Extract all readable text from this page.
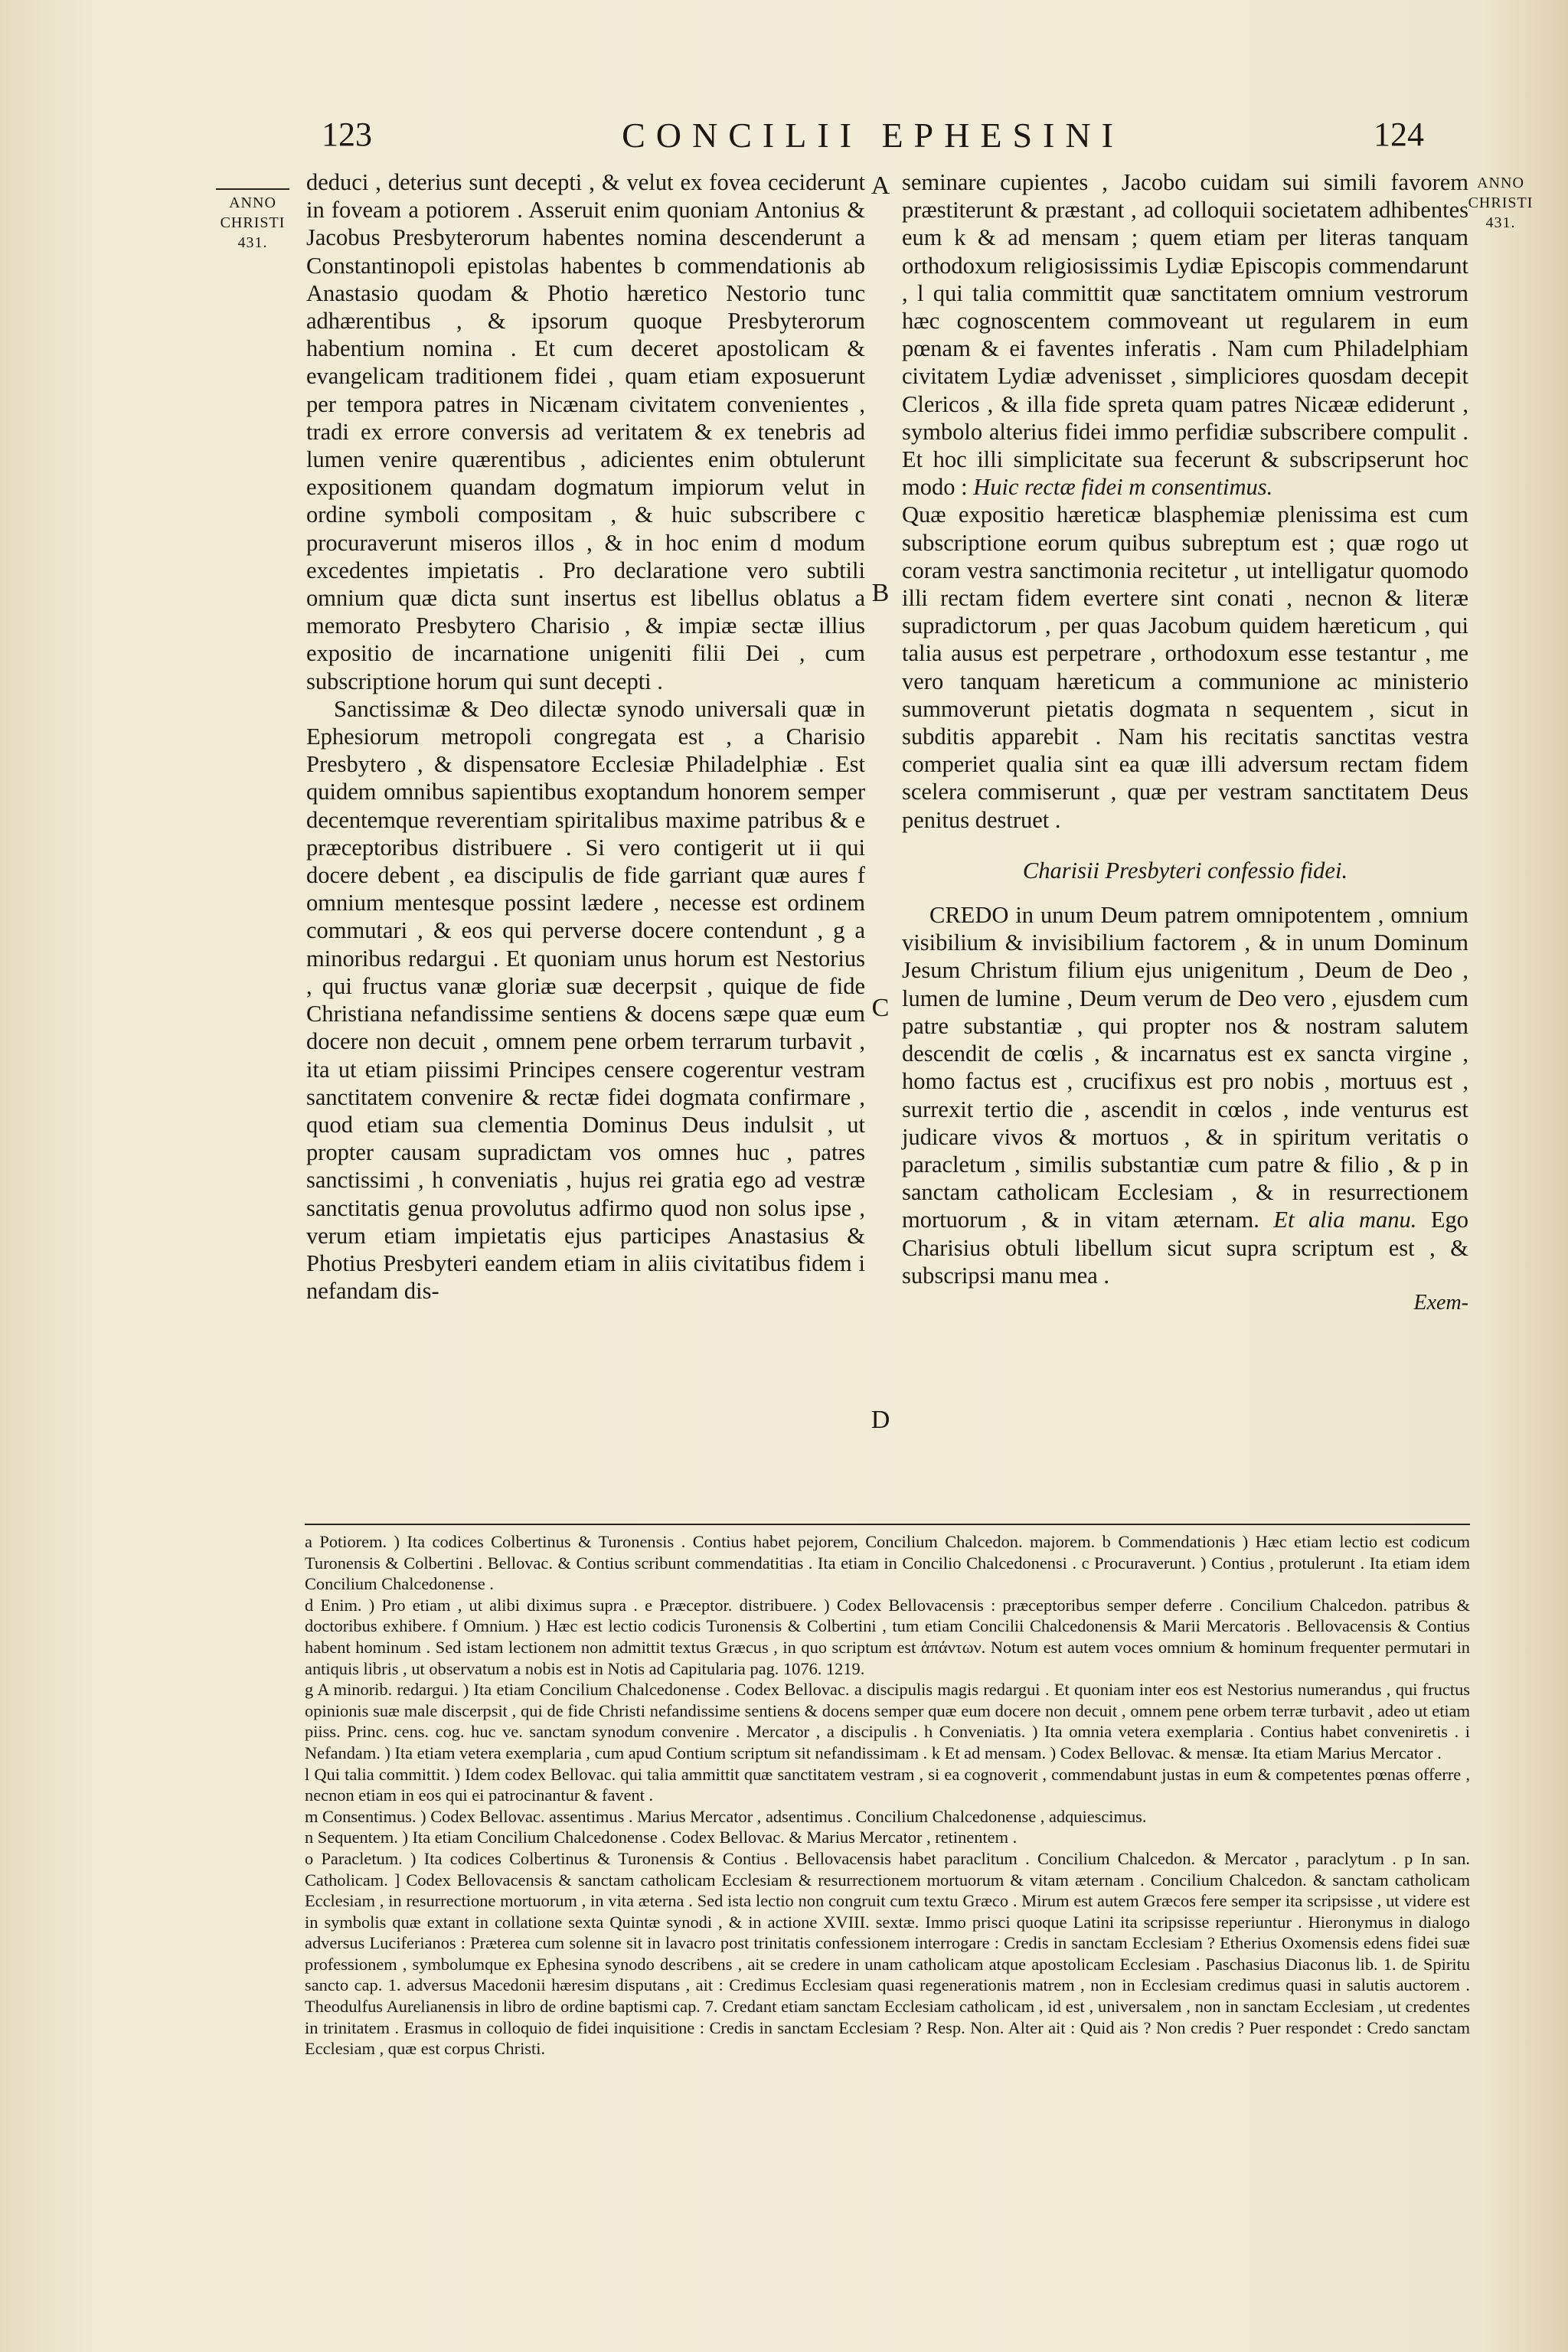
123	CONCILII EPHESINI	124
ANNO
CHRISTI
431.
ANNO
CHRISTI
431.
A
B
C
D

deduci , deterius sunt decepti , & velut ex fovea ceciderunt in foveam a potiorem . Asseruit enim quoniam Antonius & Jacobus Presbyterorum habentes nomina descenderunt a Constantinopoli epistolas habentes b commendationis ab Anastasio quodam & Photio hæretico Nestorio tunc adhærentibus , & ipsorum quoque Presbyterorum habentium nomina . Et cum deceret apostolicam & evangelicam traditionem fidei , quam etiam exposuerunt per tempora patres in Nicænam civitatem convenientes , tradi ex errore conversis ad veritatem & ex tenebris ad lumen venire quærentibus , adicientes enim obtulerunt expositionem quandam dogmatum impiorum velut in ordine symboli compositam , & huic subscribere c procuraverunt miseros illos , & in hoc enim d modum excedentes impietatis . Pro declaratione vero subtili omnium quæ dicta sunt insertus est libellus oblatus a memorato Presbytero Charisio , & impiæ sectæ illius expositio de incarnatione unigeniti filii Dei , cum subscriptione horum qui sunt decepti .

Sanctissimæ & Deo dilectæ synodo universali quæ in Ephesiorum metropoli congregata est , a Charisio Presbytero , & dispensatore Ecclesiæ Philadelphiæ . Est quidem omnibus sapientibus exoptandum honorem semper decentemque reverentiam spiritalibus maxime patribus & e præceptoribus distribuere . Si vero contigerit ut ii qui docere debent , ea discipulis de fide garriant quæ aures f omnium mentesque possint lædere , necesse est ordinem commutari , & eos qui perverse docere contendunt , g a minoribus redargui . Et quoniam unus horum est Nestorius , qui fructus vanæ gloriæ suæ decerpsit , quique de fide Christiana nefandissime sentiens & docens sæpe quæ eum docere non decuit , omnem pene orbem terrarum turbavit , ita ut etiam piissimi Principes censere cogerentur vestram sanctitatem convenire & rectæ fidei dogmata confirmare , quod etiam sua clementia Dominus Deus indulsit , ut propter causam supradictam vos omnes huc , patres sanctissimi , h conveniatis , hujus rei gratia ego ad vestræ sanctitatis genua provolutus adfirmo quod non solus ipse , verum etiam impietatis ejus participes Anastasius & Photius Presbyteri eandem etiam in aliis civitatibus fidem i nefandam dis-

seminare cupientes , Jacobo cuidam sui simili favorem præstiterunt & præstant , ad colloquii societatem adhibentes eum k & ad mensam ; quem etiam per literas tanquam orthodoxum religiosissimis Lydiæ Episcopis commendarunt , l qui talia committit quæ sanctitatem omnium vestrorum hæc cognoscentem commoveant ut regularem in eum pœnam & ei faventes inferatis . Nam cum Philadelphiam civitatem Lydiæ advenisset , simpliciores quosdam decepit Clericos , & illa fide spreta quam patres Nicææ ediderunt , symbolo alterius fidei immo perfidiæ subscribere compulit . Et hoc illi simplicitate sua fecerunt & subscripserunt hoc modo : Huic rectæ fidei m consentimus.

Quæ expositio hæreticæ blasphemiæ plenissima est cum subscriptione eorum quibus subreptum est ; quæ rogo ut coram vestra sanctimonia recitetur , ut intelligatur quomodo illi rectam fidem evertere sint conati , necnon & literæ supradictorum , per quas Jacobum quidem hæreticum , qui talia ausus est perpetrare , orthodoxum esse testantur , me vero tanquam hæreticum a communione ac ministerio summoverunt pietatis dogmata n sequentem , sicut in subditis apparebit . Nam his recitatis sanctitas vestra comperiet qualia sint ea quæ illi adversum rectam fidem scelera commiserunt , quæ per vestram sanctitatem Deus penitus destruet .

Charisii Presbyteri confessio fidei.

CREDO in unum Deum patrem omnipotentem , omnium visibilium & invisibilium factorem , & in unum Dominum Jesum Christum filium ejus unigenitum , Deum de Deo , lumen de lumine , Deum verum de Deo vero , ejusdem cum patre substantiæ , qui propter nos & nostram salutem descendit de cœlis , & incarnatus est ex sancta virgine , homo factus est , crucifixus est pro nobis , mortuus est , surrexit tertio die , ascendit in cœlos , inde venturus est judicare vivos & mortuos , & in spiritum veritatis o paracletum , similis substantiæ cum patre & filio , & p in sanctam catholicam Ecclesiam , & in resurrectionem mortuorum , & in vitam æternam. Et alia manu. Ego Charisius obtuli libellum sicut supra scriptum est , & subscripsi manu mea .

Exem-

a Potiorem. ) Ita codices Colbertinus & Turonensis . Contius habet pejorem, Concilium Chalcedon. majorem. b Commendationis ) Hæc etiam lectio est codicum Turonensis & Colbertini . Bellovac. & Contius scribunt commendatitias . Ita etiam in Concilio Chalcedonensi . c Procuraverunt. ) Contius , protulerunt . Ita etiam idem Concilium Chalcedonense .

d Enim. ) Pro etiam , ut alibi diximus supra . e Præceptor. distribuere. ) Codex Bellovacensis : præceptoribus semper deferre . Concilium Chalcedon. patribus & doctoribus exhibere. f Omnium. ) Hæc est lectio codicis Turonensis & Colbertini , tum etiam Concilii Chalcedonensis & Marii Mercatoris . Bellovacensis & Contius habent hominum . Sed istam lectionem non admittit textus Græcus , in quo scriptum est ἁπάντων. Notum est autem voces omnium & hominum frequenter permutari in antiquis libris , ut observatum a nobis est in Notis ad Capitularia pag. 1076. 1219.

g A minorib. redargui. ) Ita etiam Concilium Chalcedonense . Codex Bellovac. a discipulis magis redargui . Et quoniam inter eos est Nestorius numerandus , qui fructus opinionis suæ male discerpsit , qui de fide Christi nefandissime sentiens & docens semper quæ eum docere non decuit , omnem pene orbem terræ turbavit , adeo ut etiam piiss. Princ. cens. cog. huc ve. sanctam synodum convenire . Mercator , a discipulis . h Conveniatis. ) Ita omnia vetera exemplaria . Contius habet conveniretis . i Nefandam. ) Ita etiam vetera exemplaria , cum apud Contium scriptum sit nefandissimam . k Et ad mensam. ) Codex Bellovac. & mensæ. Ita etiam Marius Mercator .

l Qui talia committit. ) Idem codex Bellovac. qui talia ammittit quæ sanctitatem vestram , si ea cognoverit , commendabunt justas in eum & competentes pœnas offerre , necnon etiam in eos qui ei patrocinantur & favent .

m Consentimus. ) Codex Bellovac. assentimus . Marius Mercator , adsentimus . Concilium Chalcedonense , adquiescimus.

n Sequentem. ) Ita etiam Concilium Chalcedonense . Codex Bellovac. & Marius Mercator , retinentem .

o Paracletum. ) Ita codices Colbertinus & Turonensis & Contius . Bellovacensis habet paraclitum . Concilium Chalcedon. & Mercator , paraclytum . p In san. Catholicam. ] Codex Bellovacensis & sanctam catholicam Ecclesiam & resurrectionem mortuorum & vitam æternam . Concilium Chalcedon. & sanctam catholicam Ecclesiam , in resurrectione mortuorum , in vita æterna . Sed ista lectio non congruit cum textu Græco . Mirum est autem Græcos fere semper ita scripsisse , ut videre est in symbolis quæ extant in collatione sexta Quintæ synodi , & in actione XVIII. sextæ. Immo prisci quoque Latini ita scripsisse reperiuntur . Hieronymus in dialogo adversus Luciferianos : Præterea cum solenne sit in lavacro post trinitatis confessionem interrogare : Credis in sanctam Ecclesiam ? Etherius Oxomensis edens fidei suæ professionem , symbolumque ex Ephesina synodo describens , ait se credere in unam catholicam atque apostolicam Ecclesiam . Paschasius Diaconus lib. 1. de Spiritu sancto cap. 1. adversus Macedonii hæresim disputans , ait : Credimus Ecclesiam quasi regenerationis matrem , non in Ecclesiam credimus quasi in salutis auctorem . Theodulfus Aurelianensis in libro de ordine baptismi cap. 7. Credant etiam sanctam Ecclesiam catholicam , id est , universalem , non in sanctam Ecclesiam , ut credentes in trinitatem . Erasmus in colloquio de fidei inquisitione : Credis in sanctam Ecclesiam ? Resp. Non. Alter ait : Quid ais ? Non credis ? Puer respondet : Credo sanctam Ecclesiam , quæ est corpus Christi.
